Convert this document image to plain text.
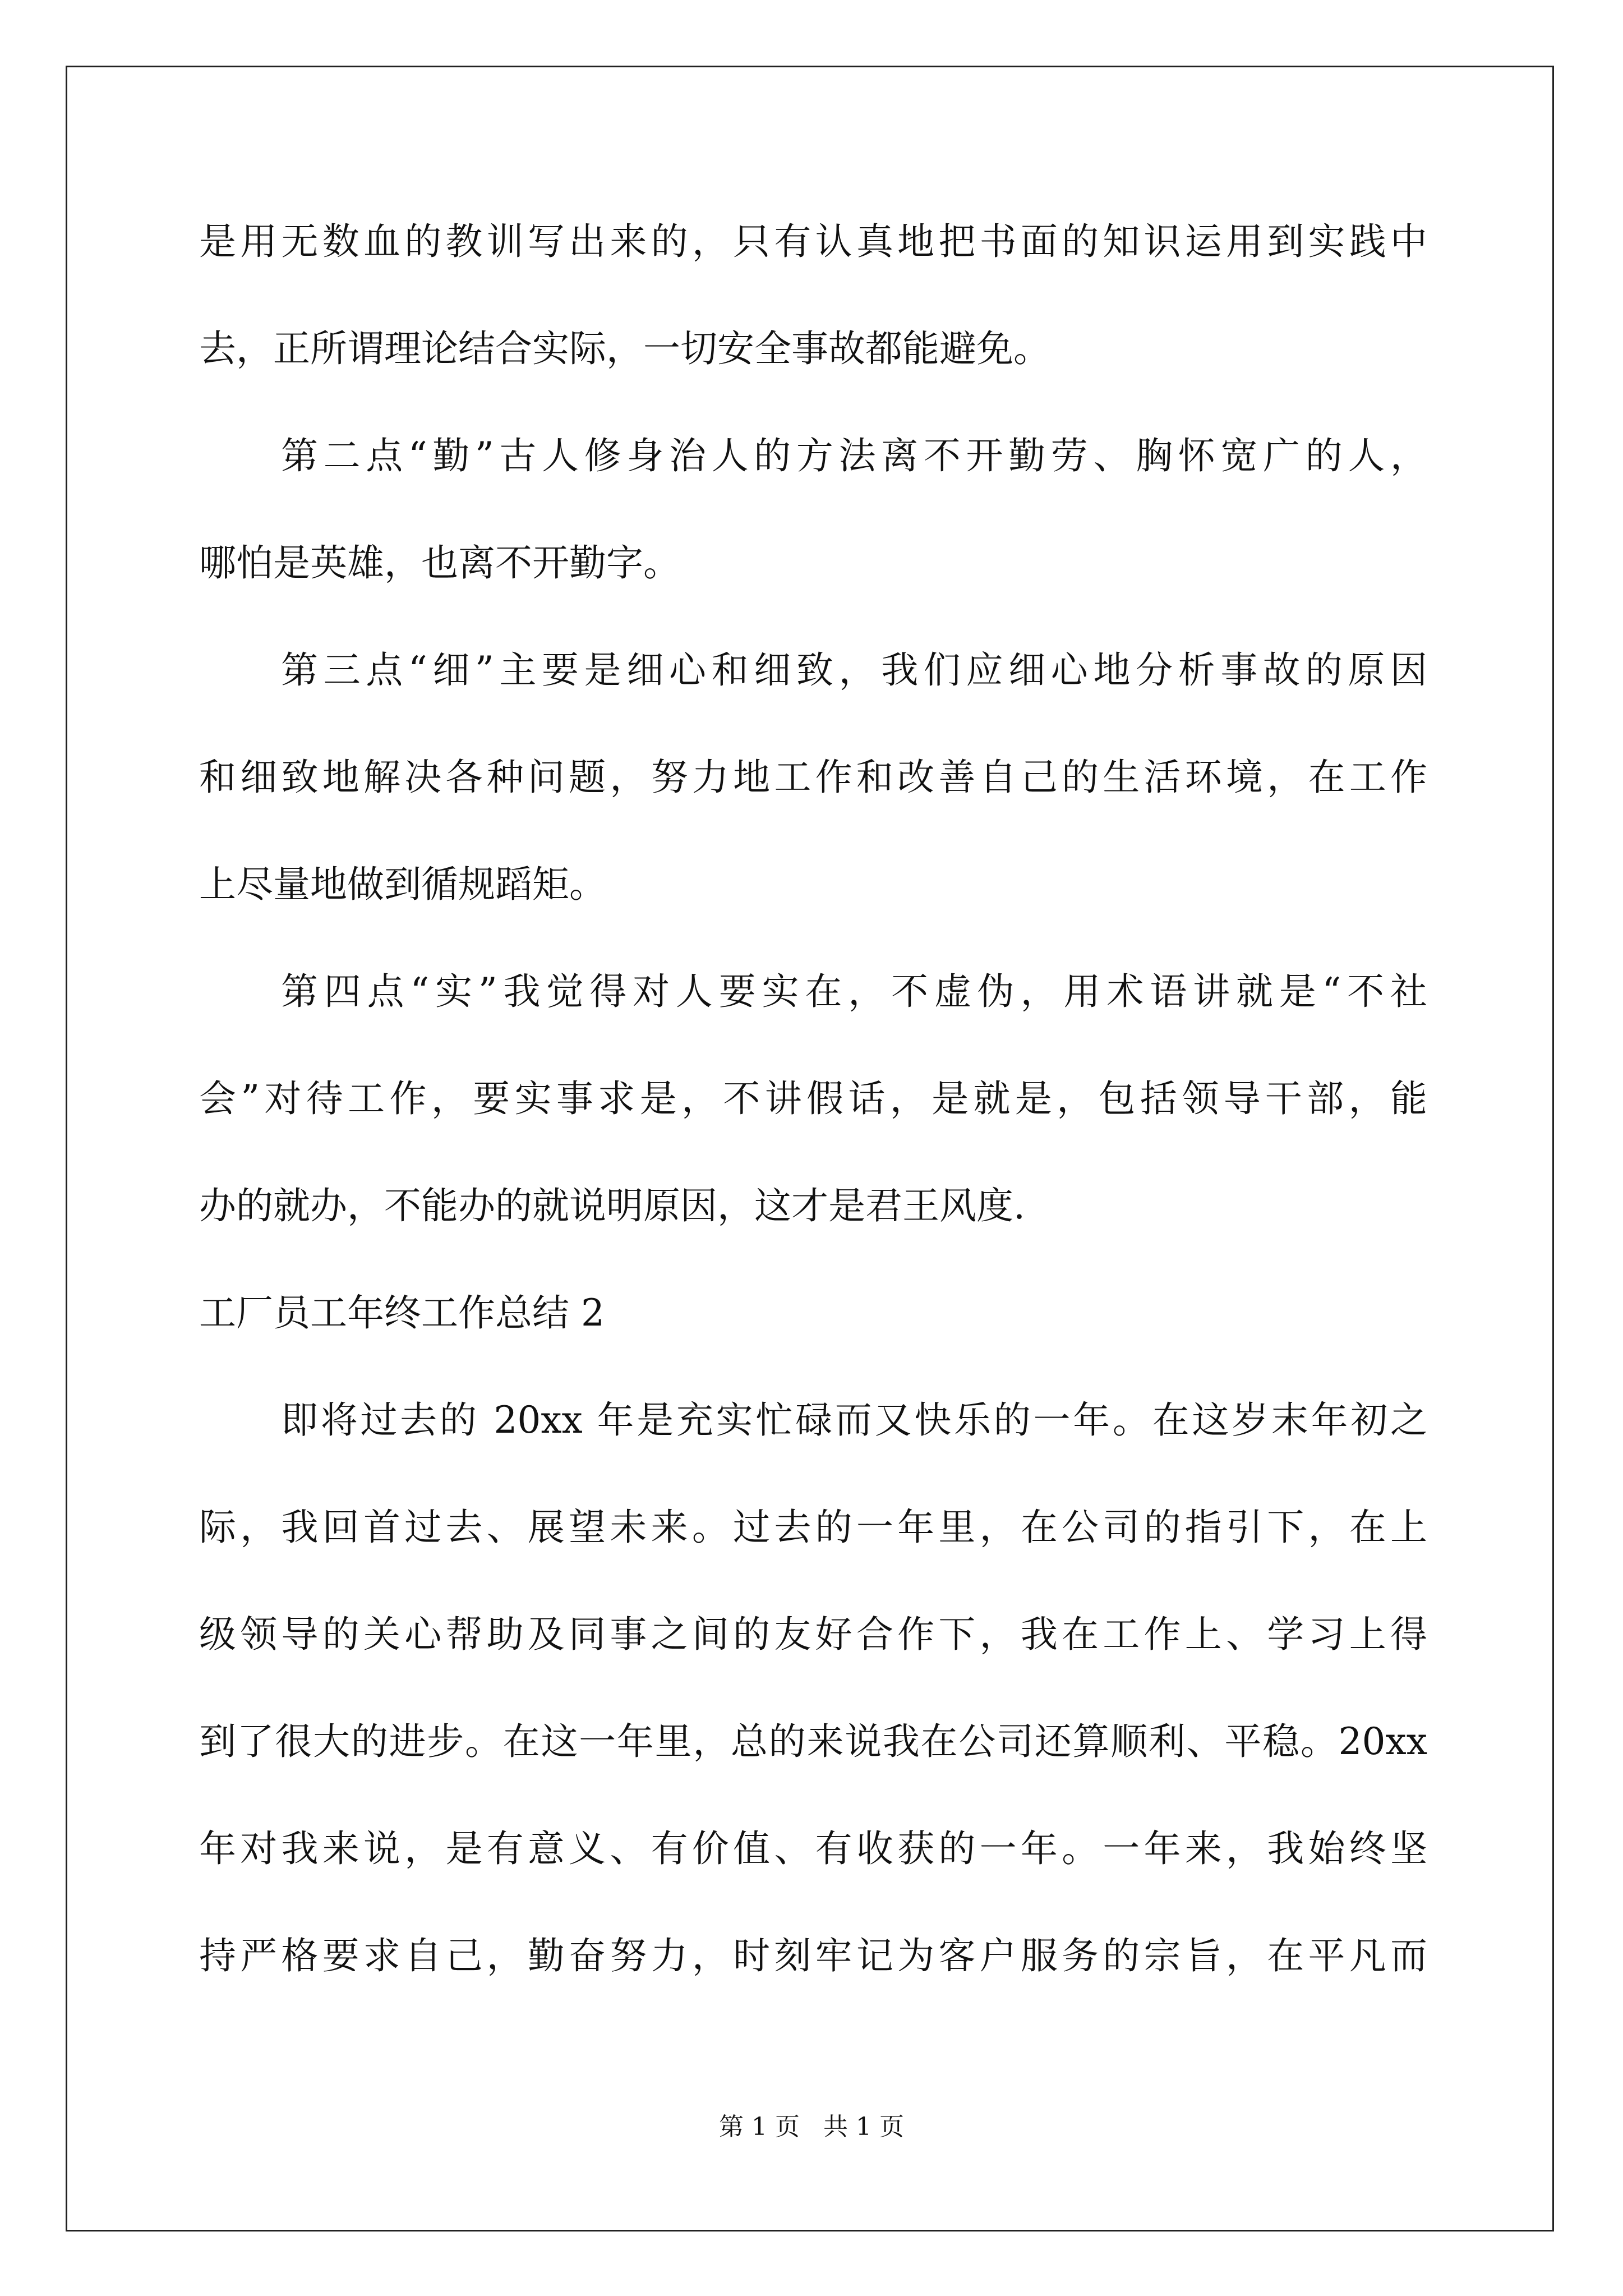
是用无数血的教训写出来的，只有认真地把书面的知识运用到实践中

去，正所谓理论结合实际，一切安全事故都能避免。

第二点“勤”古人修身治人的方法离不开勤劳、胸怀宽广的人，

哪怕是英雄，也离不开勤字。

第三点“细”主要是细心和细致，我们应细心地分析事故的原因

和细致地解决各种问题，努力地工作和改善自己的生活环境，在工作

上尽量地做到循规蹈矩。

第四点“实”我觉得对人要实在，不虚伪，用术语讲就是“不社

会”对待工作，要实事求是，不讲假话，是就是，包括领导干部，能

办的就办，不能办的就说明原因，这才是君王风度.

工厂员工年终工作总结 2

即将过去的 20xx 年是充实忙碌而又快乐的一年。在这岁末年初之

际，我回首过去、展望未来。过去的一年里，在公司的指引下，在上

级领导的关心帮助及同事之间的友好合作下，我在工作上、学习上得

到了很大的进步。在这一年里，总的来说我在公司还算顺利、平稳。20xx

年对我来说，是有意义、有价值、有收获的一年。一年来，我始终坚

持严格要求自己，勤奋努力，时刻牢记为客户服务的宗旨，在平凡而

第 1 页   共 1 页
